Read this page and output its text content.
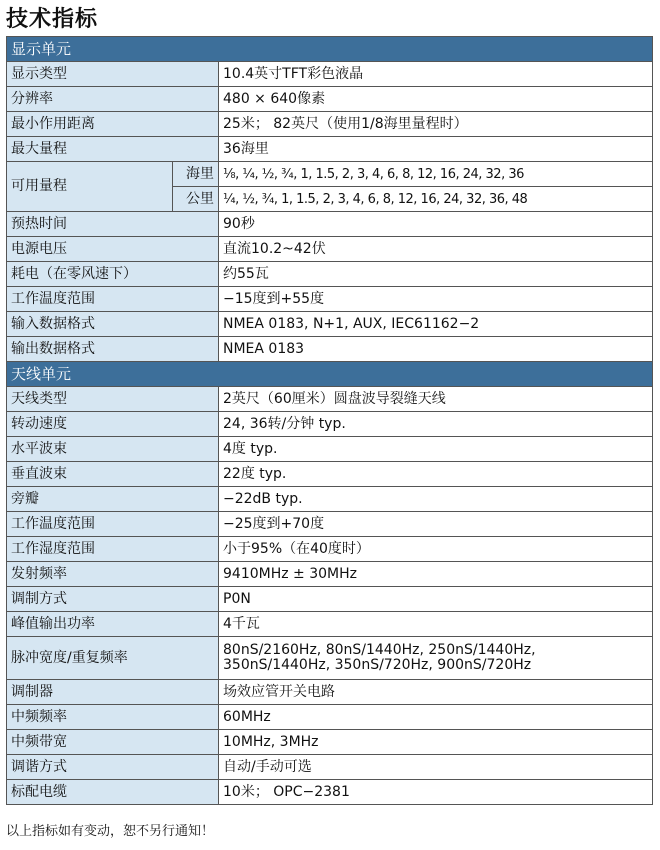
技术指标
显示单元		
显示类型		10.4英寸TFT彩色液晶
分辨率		480 × 640像素
最小作用距离		25米； 82英尺（使用1/8海里量程时）
最大量程		36海里
可用量程	海里	⅛, ¼, ½, ¾, 1, 1.5, 2, 3, 4, 6, 8, 12, 16, 24, 32, 36
	公里	¼, ½, ¾, 1, 1.5, 2, 3, 4, 6, 8, 12, 16, 24, 32, 36, 48
预热时间		90秒
电源电压		直流10.2~42伏
耗电（在零风速下）		约55瓦
工作温度范围		−15度到+55度
输入数据格式		NMEA 0183, N+1, AUX, IEC61162−2
输出数据格式		NMEA 0183
天线单元		
天线类型		2英尺（60厘米）圆盘波导裂缝天线
转动速度		24, 36转/分钟 typ.
水平波束		4度 typ.
垂直波束		22度 typ.
旁瓣		−22dB typ.
工作温度范围		−25度到+70度
工作湿度范围		小于95%（在40度时）
发射频率		9410MHz ± 30MHz
调制方式		P0N
峰值输出功率		4千瓦
脉冲宽度/重复频率		80nS/2160Hz, 80nS/1440Hz, 250nS/1440Hz,
350nS/1440Hz, 350nS/720Hz, 900nS/720Hz

调制器		场效应管开关电路
中频频率		60MHz
中频带宽		10MHz, 3MHz
调谐方式		自动/手动可选
标配电缆		10米； OPC−2381
以上指标如有变动，恕不另行通知！
